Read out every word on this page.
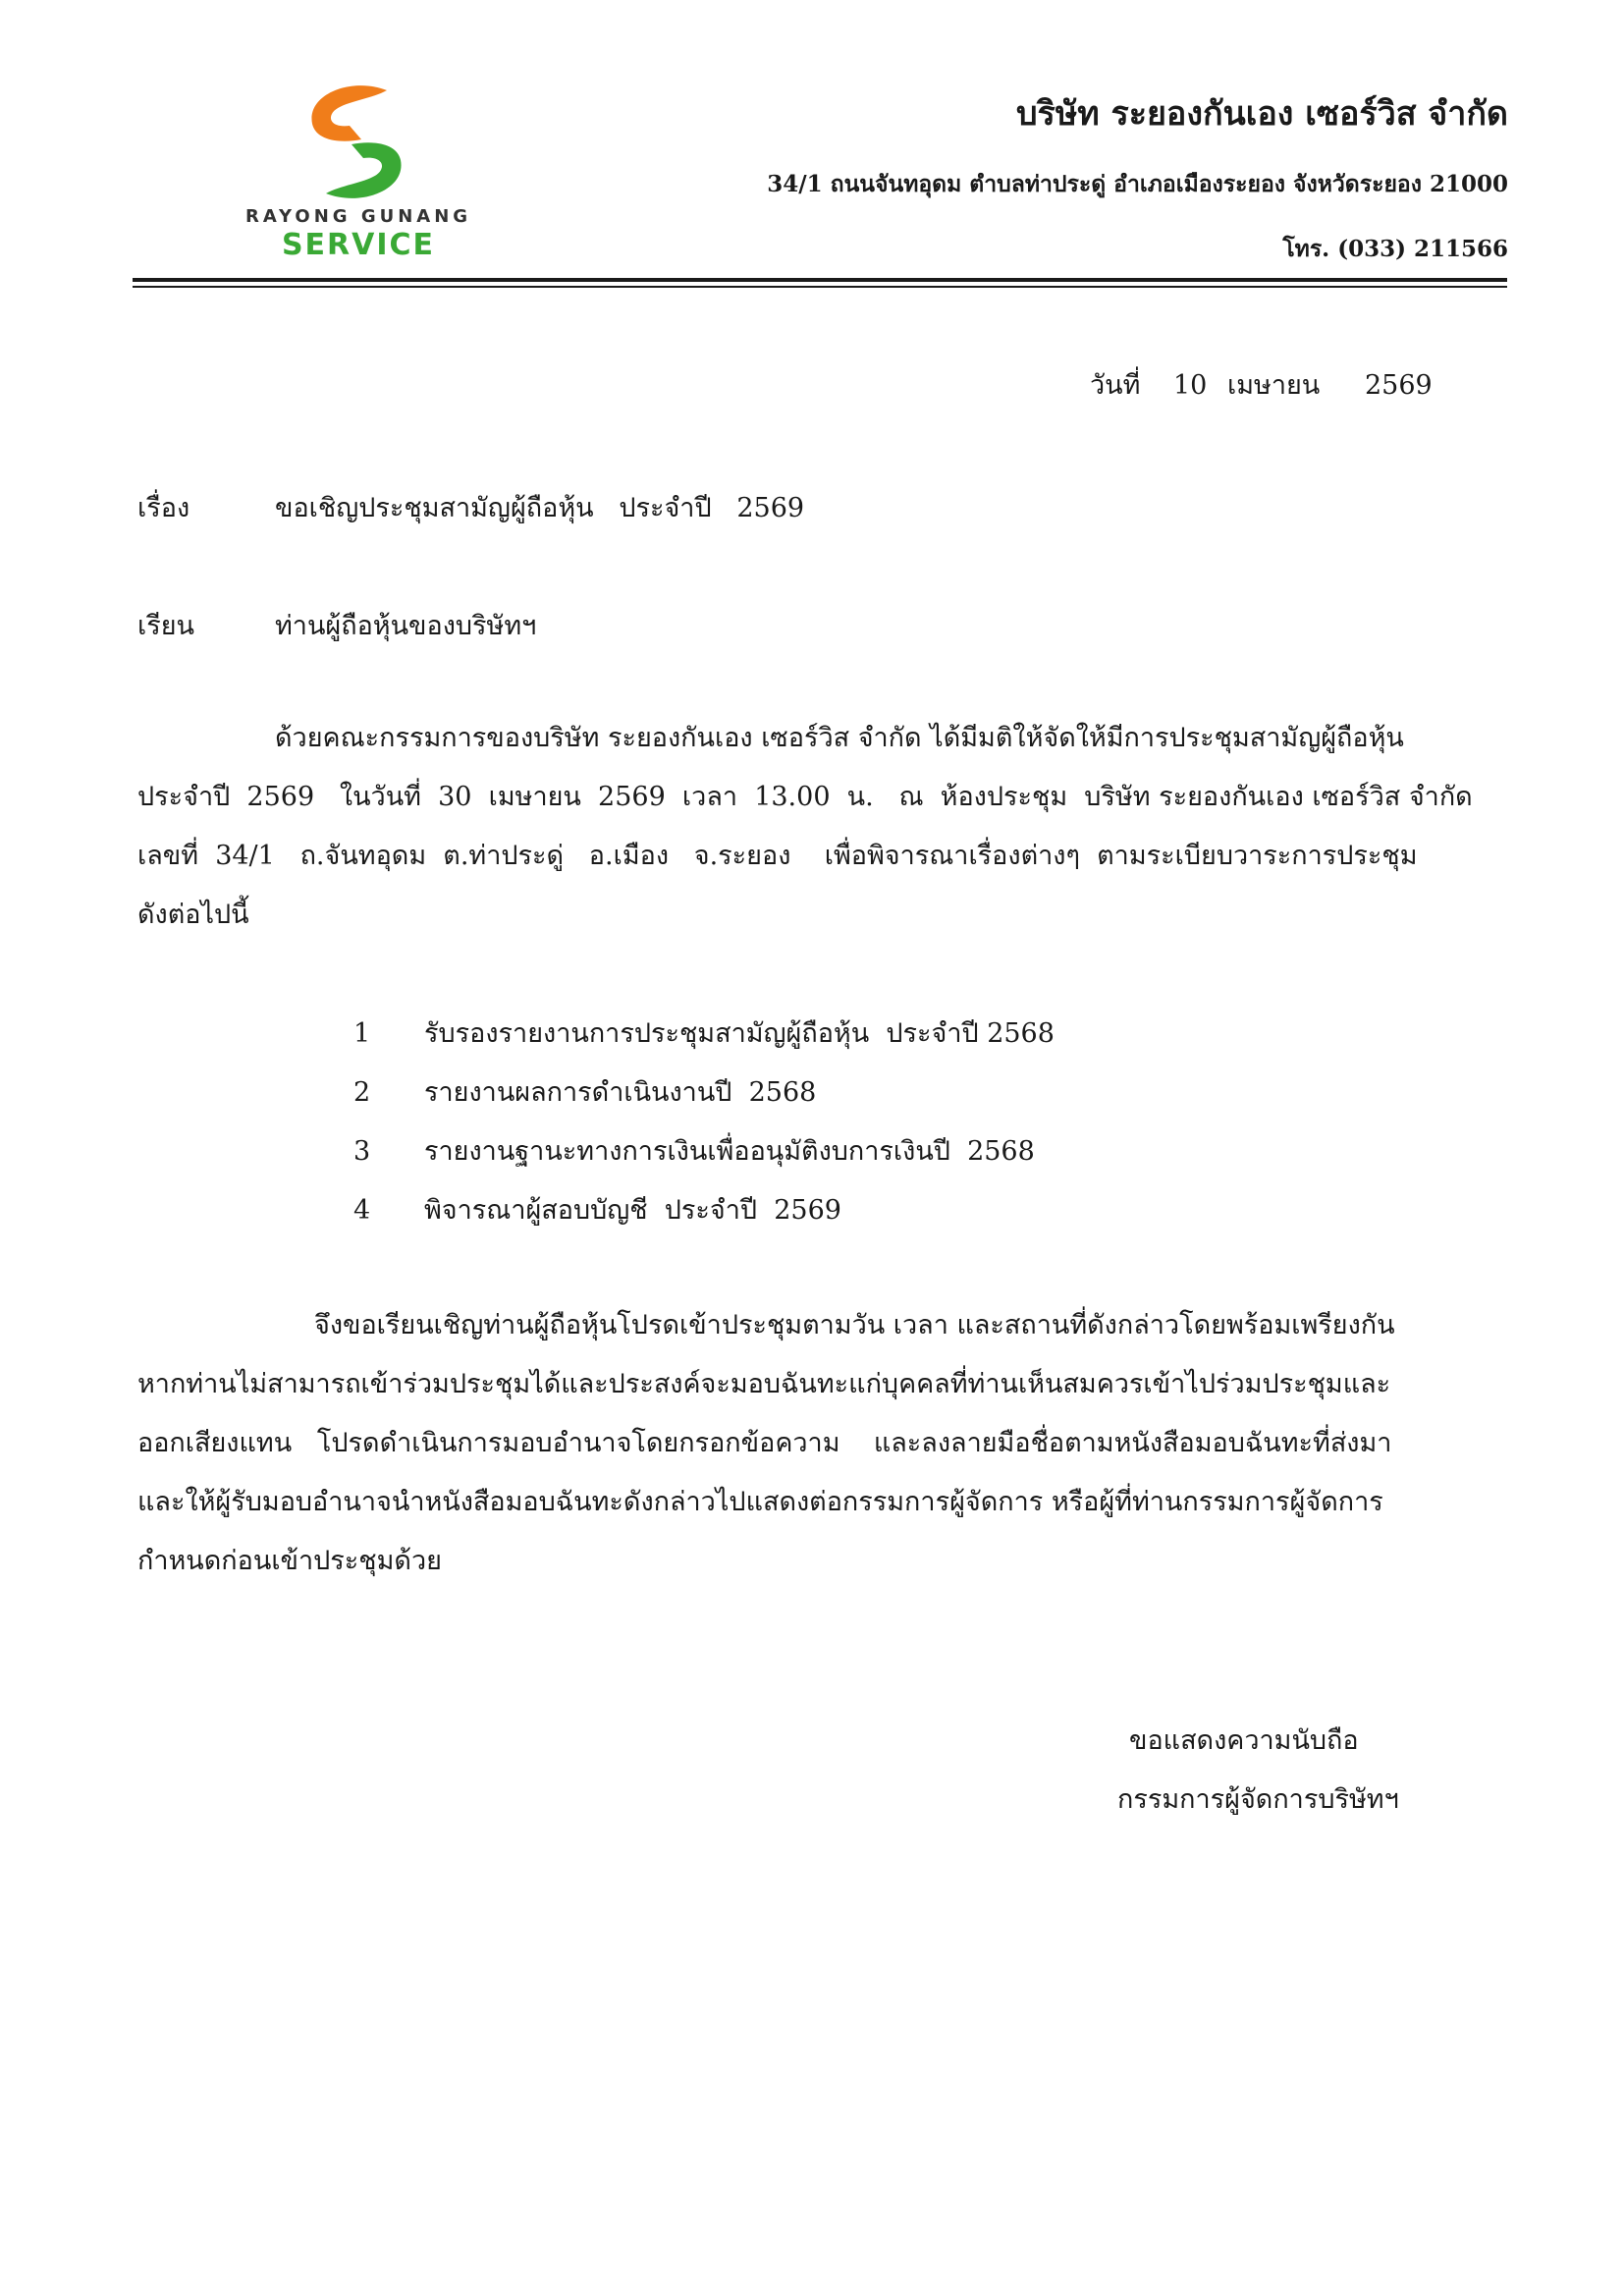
RAYONG GUNANG
SERVICE
บริษัท ระยองกันเอง เซอร์วิส จำกัด
34/1 ถนนจันทอุดม ตำบลท่าประดู่ อำเภอเมืองระยอง จังหวัดระยอง 21000
โทร. (033) 211566
วันที่ 10 เมษายน 2569
เรื่อง	ขอเชิญประชุมสามัญผู้ถือหุ้น   ประจำปี   2569
เรียน	ท่านผู้ถือหุ้นของบริษัทฯ
ด้วยคณะกรรมการของบริษัท ระยองกันเอง เซอร์วิส จำกัด ได้มีมติให้จัดให้มีการประชุมสามัญผู้ถือหุ้น
ประจำปี  2569   ในวันที่  30  เมษายน  2569  เวลา  13.00  น.   ณ  ห้องประชุม  บริษัท ระยองกันเอง เซอร์วิส จำกัด
เลขที่  34/1   ถ.จันทอุดม  ต.ท่าประดู่   อ.เมือง   จ.ระยอง    เพื่อพิจารณาเรื่องต่างๆ  ตามระเบียบวาระการประชุม
ดังต่อไปนี้
1 รับรองรายงานการประชุมสามัญผู้ถือหุ้น  ประจำปี 2568
2 รายงานผลการดำเนินงานปี  2568
3 รายงานฐานะทางการเงินเพื่ออนุมัติงบการเงินปี  2568
4 พิจารณาผู้สอบบัญชี  ประจำปี  2569
จึงขอเรียนเชิญท่านผู้ถือหุ้นโปรดเข้าประชุมตามวัน เวลา และสถานที่ดังกล่าวโดยพร้อมเพรียงกัน
หากท่านไม่สามารถเข้าร่วมประชุมได้และประสงค์จะมอบฉันทะแก่บุคคลที่ท่านเห็นสมควรเข้าไปร่วมประชุมและ
ออกเสียงแทน   โปรดดำเนินการมอบอำนาจโดยกรอกข้อความ    และลงลายมือชื่อตามหนังสือมอบฉันทะที่ส่งมา
และให้ผู้รับมอบอำนาจนำหนังสือมอบฉันทะดังกล่าวไปแสดงต่อกรรมการผู้จัดการ หรือผู้ที่ท่านกรรมการผู้จัดการ
กำหนดก่อนเข้าประชุมด้วย
ขอแสดงความนับถือ
กรรมการผู้จัดการบริษัทฯ
